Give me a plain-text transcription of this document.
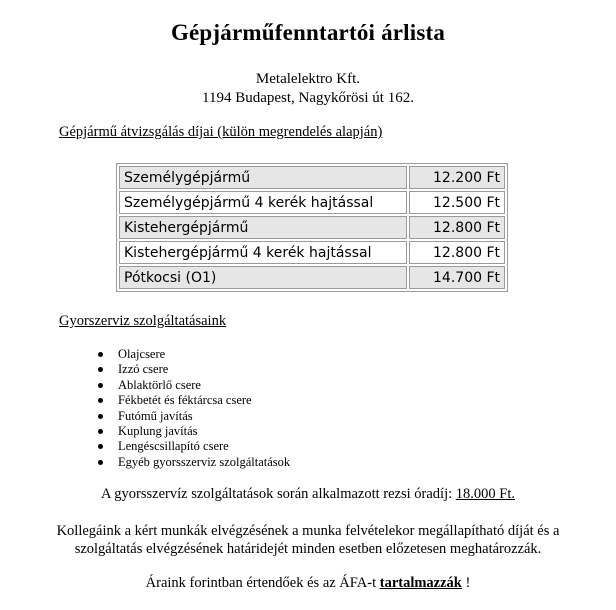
Gépjárműfenntartói árlista
Metalelektro Kft.
1194 Budapest, Nagykőrösi út 162.
Gépjármű átvizsgálás díjai (külön megrendelés alapján)
Személygépjármű	12.200 Ft
Személygépjármű 4 kerék hajtással	12.500 Ft
Kistehergépjármű	12.800 Ft
Kistehergépjármű 4 kerék hajtással	12.800 Ft
Pótkocsi (O1)	14.700 Ft
Gyorszerviz szolgáltatásaink
Olajcsere
Izzó csere
Ablaktörlő csere
Fékbetét és féktárcsa csere
Futómű javítás
Kuplung javítás
Lengéscsillapító csere
Egyéb gyorsszerviz szolgáltatások
A gyorsszervíz szolgáltatások során alkalmazott rezsi óradíj: 18.000 Ft.
Kollegáink a kért munkák elvégzésének a munka felvételekor megállapítható díját és a szolgáltatás elvégzésének határidejét minden esetben előzetesen meghatározzák.
Áraink forintban értendőek és az ÁFA-t tartalmazzák !
